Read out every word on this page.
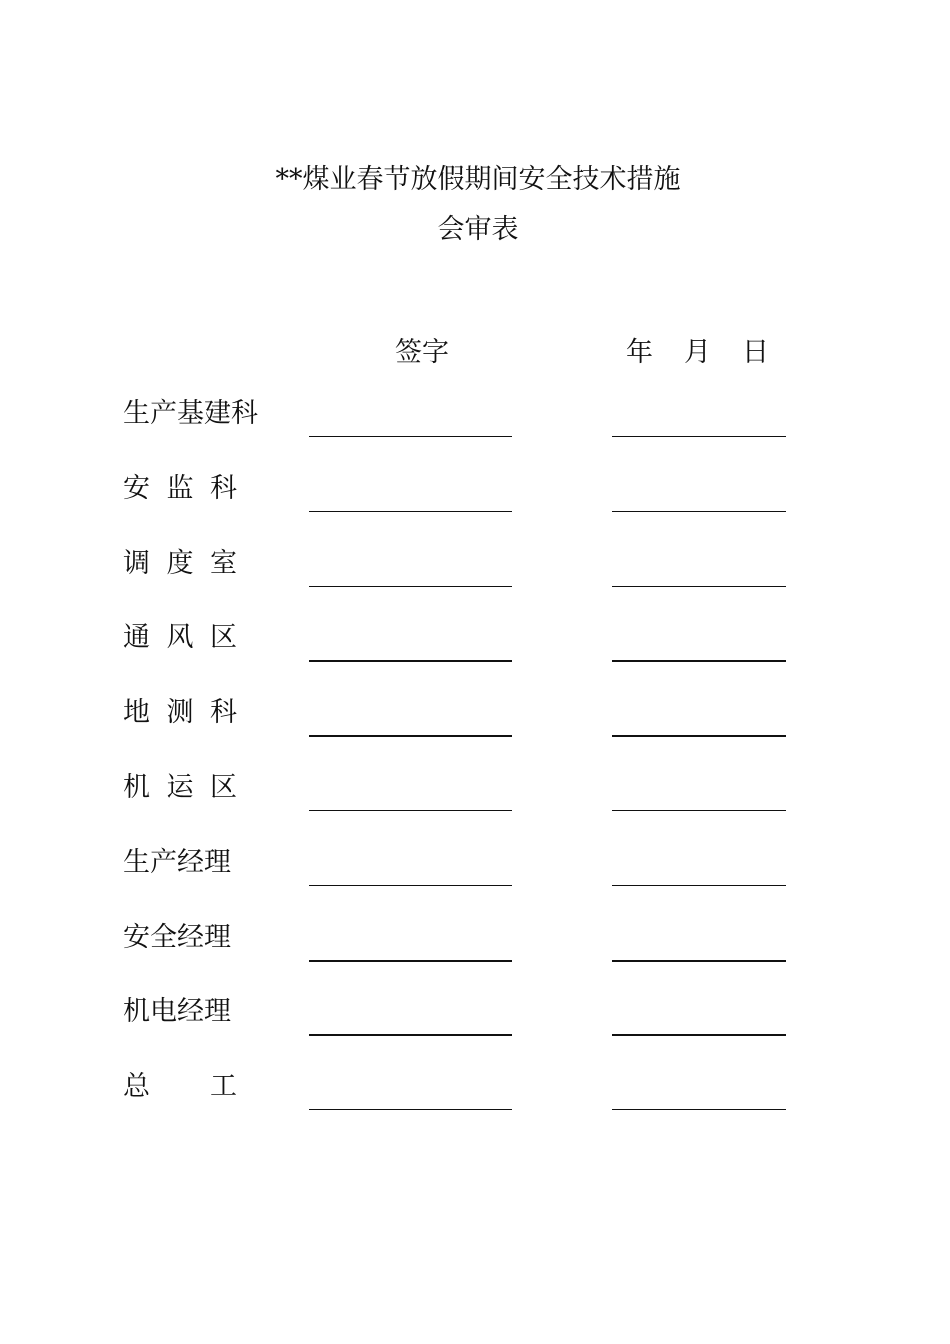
**煤业春节放假期间安全技术措施
会审表
签字	年 月 日
生产基建科
安 监 科
调 度 室
通 风 区
地 测 科
机 运 区
生产经理
安全经理
机电经理
总 工
